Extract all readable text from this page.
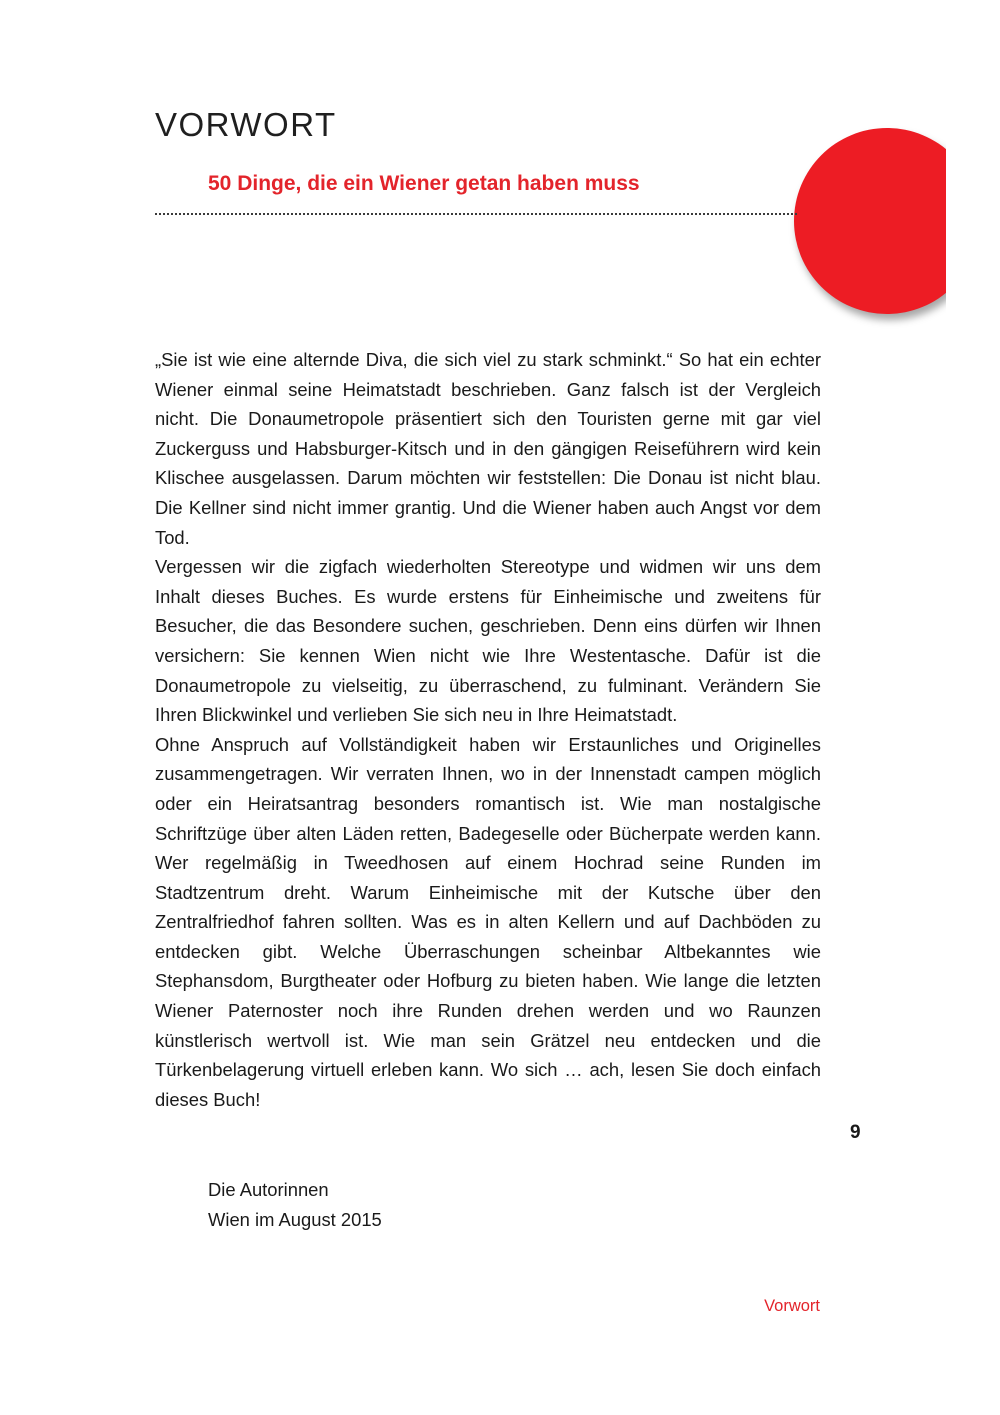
VORWORT
50 Dinge, die ein Wiener getan haben muss

„Sie ist wie eine alternde Diva, die sich viel zu stark schminkt.“ So hat ein echter Wiener einmal seine Heimatstadt beschrieben. Ganz falsch ist der Vergleich nicht. Die Donaumetropole präsentiert sich den Touristen gerne mit gar viel Zuckerguss und Habsburger-Kitsch und in den gängigen Reiseführern wird kein Klischee ausgelassen. Darum möchten wir feststellen: Die Donau ist nicht blau. Die Kellner sind nicht immer grantig. Und die Wiener haben auch Angst vor dem Tod.

Vergessen wir die zigfach wiederholten Stereotype und widmen wir uns dem Inhalt dieses Buches. Es wurde erstens für Einheimische und zweitens für Besucher, die das Besondere suchen, geschrieben. Denn eins dürfen wir Ihnen versichern: Sie kennen Wien nicht wie Ihre Westentasche. Dafür ist die Donaumetropole zu vielseitig, zu überraschend, zu fulminant. Verändern Sie Ihren Blickwinkel und verlieben Sie sich neu in Ihre Heimatstadt.

Ohne Anspruch auf Vollständigkeit haben wir Erstaunliches und Originelles zusammengetragen. Wir verraten Ihnen, wo in der Innenstadt campen möglich oder ein Heiratsantrag besonders romantisch ist. Wie man nostalgische Schriftzüge über alten Läden retten, Badegeselle oder Bücherpate werden kann. Wer regelmäßig in Tweedhosen auf einem Hochrad seine Runden im Stadtzentrum dreht. Warum Einheimische mit der Kutsche über den Zentralfriedhof fahren sollten. Was es in alten Kellern und auf Dachböden zu entdecken gibt. Welche Überraschungen scheinbar Altbekanntes wie Stephansdom, Burgtheater oder Hofburg zu bieten haben. Wie lange die letzten Wiener Paternoster noch ihre Runden drehen werden und wo Raunzen künstlerisch wertvoll ist. Wie man sein Grätzel neu entdecken und die Türkenbelagerung virtuell erleben kann. Wo sich … ach, lesen Sie doch einfach dieses Buch!

9
Die Autorinnen
Wien im August 2015
Vorwort
